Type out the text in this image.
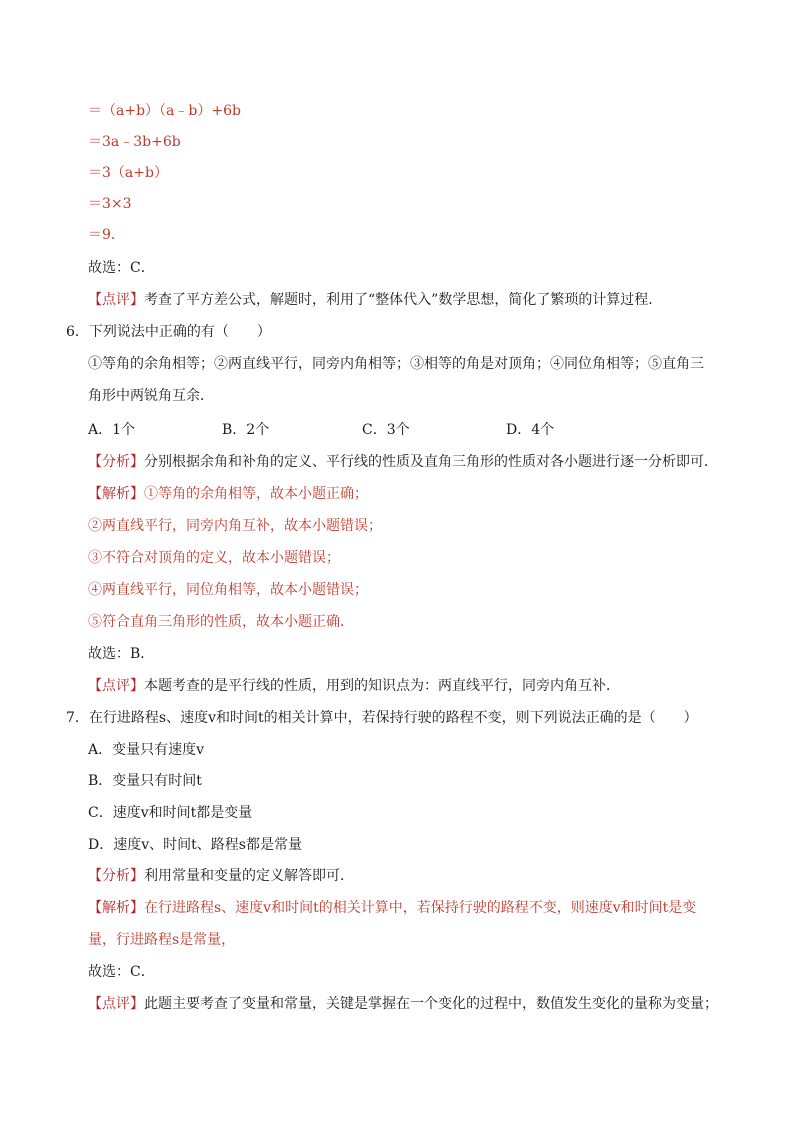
＝（a+b）（a﹣b）+6b
＝3a﹣3b+6b
＝3（a+b）
＝3×3
＝9．
故选：C．
【点评】考查了平方差公式，解题时，利用了“整体代入”数学思想，简化了繁琐的计算过程．
6．下列说法中正确的有（　　）
①等角的余角相等；②两直线平行，同旁内角相等；③相等的角是对顶角；④同位角相等；⑤直角三
角形中两锐角互余．
A．1个	B．2个	C．3个	D．4个
【分析】分别根据余角和补角的定义、平行线的性质及直角三角形的性质对各小题进行逐一分析即可．
【解析】①等角的余角相等，故本小题正确；
②两直线平行，同旁内角互补，故本小题错误；
③不符合对顶角的定义，故本小题错误；
④两直线平行，同位角相等，故本小题错误；
⑤符合直角三角形的性质，故本小题正确．
故选：B．
【点评】本题考查的是平行线的性质，用到的知识点为：两直线平行，同旁内角互补．
7．在行进路程s、速度v和时间t的相关计算中，若保持行驶的路程不变，则下列说法正确的是（　　）
A．变量只有速度v
B．变量只有时间t
C．速度v和时间t都是变量
D．速度v、时间t、路程s都是常量
【分析】利用常量和变量的定义解答即可．
【解析】在行进路程s、速度v和时间t的相关计算中，若保持行驶的路程不变，则速度v和时间t是变
量，行进路程s是常量，
故选：C．
【点评】此题主要考查了变量和常量，关键是掌握在一个变化的过程中，数值发生变化的量称为变量；
